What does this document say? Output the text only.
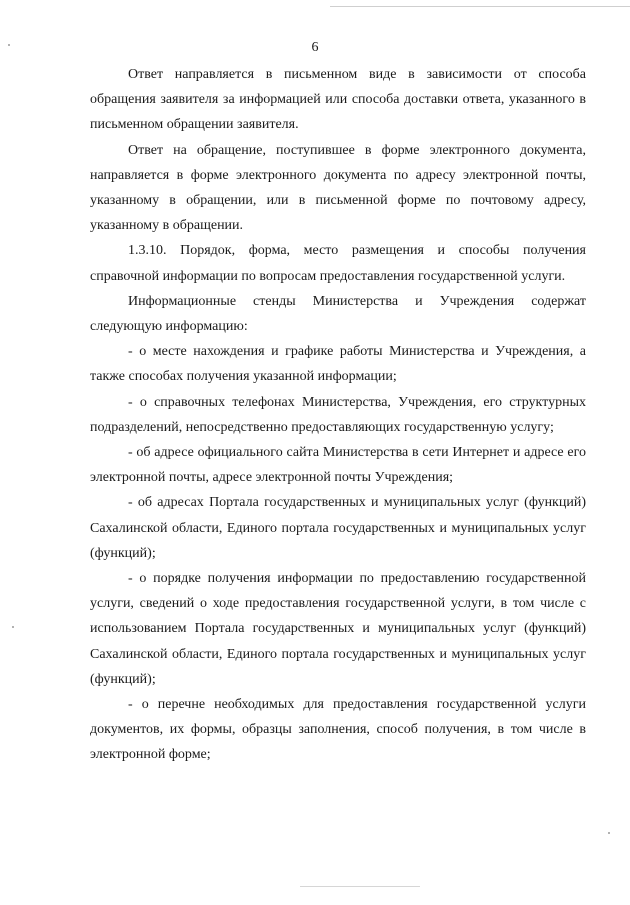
6

Ответ направляется в письменном виде в зависимости от способа обращения заявителя за информацией или способа доставки ответа, указанного в письменном обращении заявителя.

Ответ на обращение, поступившее в форме электронного документа, направляется в форме электронного документа по адресу электронной почты, указанному в обращении, или в письменной форме по почтовому адресу, указанному в обращении.

1.3.10. Порядок, форма, место размещения и способы получения справочной информации по вопросам предоставления государственной услуги.

Информационные стенды Министерства и Учреждения содержат следующую информацию:

- о месте нахождения и графике работы Министерства и Учреждения, а также способах получения указанной информации;

- о справочных телефонах Министерства, Учреждения, его структурных подразделений, непосредственно предоставляющих государственную услугу;

- об адресе официального сайта Министерства в сети Интернет и адресе его электронной почты, адресе электронной почты Учреждения;

- об адресах Портала государственных и муниципальных услуг (функций) Сахалинской области, Единого портала государственных и муниципальных услуг (функций);

- о порядке получения информации по предоставлению государственной услуги, сведений о ходе предоставления государственной услуги, в том числе с использованием Портала государственных и муниципальных услуг (функций) Сахалинской области, Единого портала государственных и муниципальных услуг (функций);

- о перечне необходимых для предоставления государственной услуги документов, их формы, образцы заполнения, способ получения, в том числе в электронной форме;
